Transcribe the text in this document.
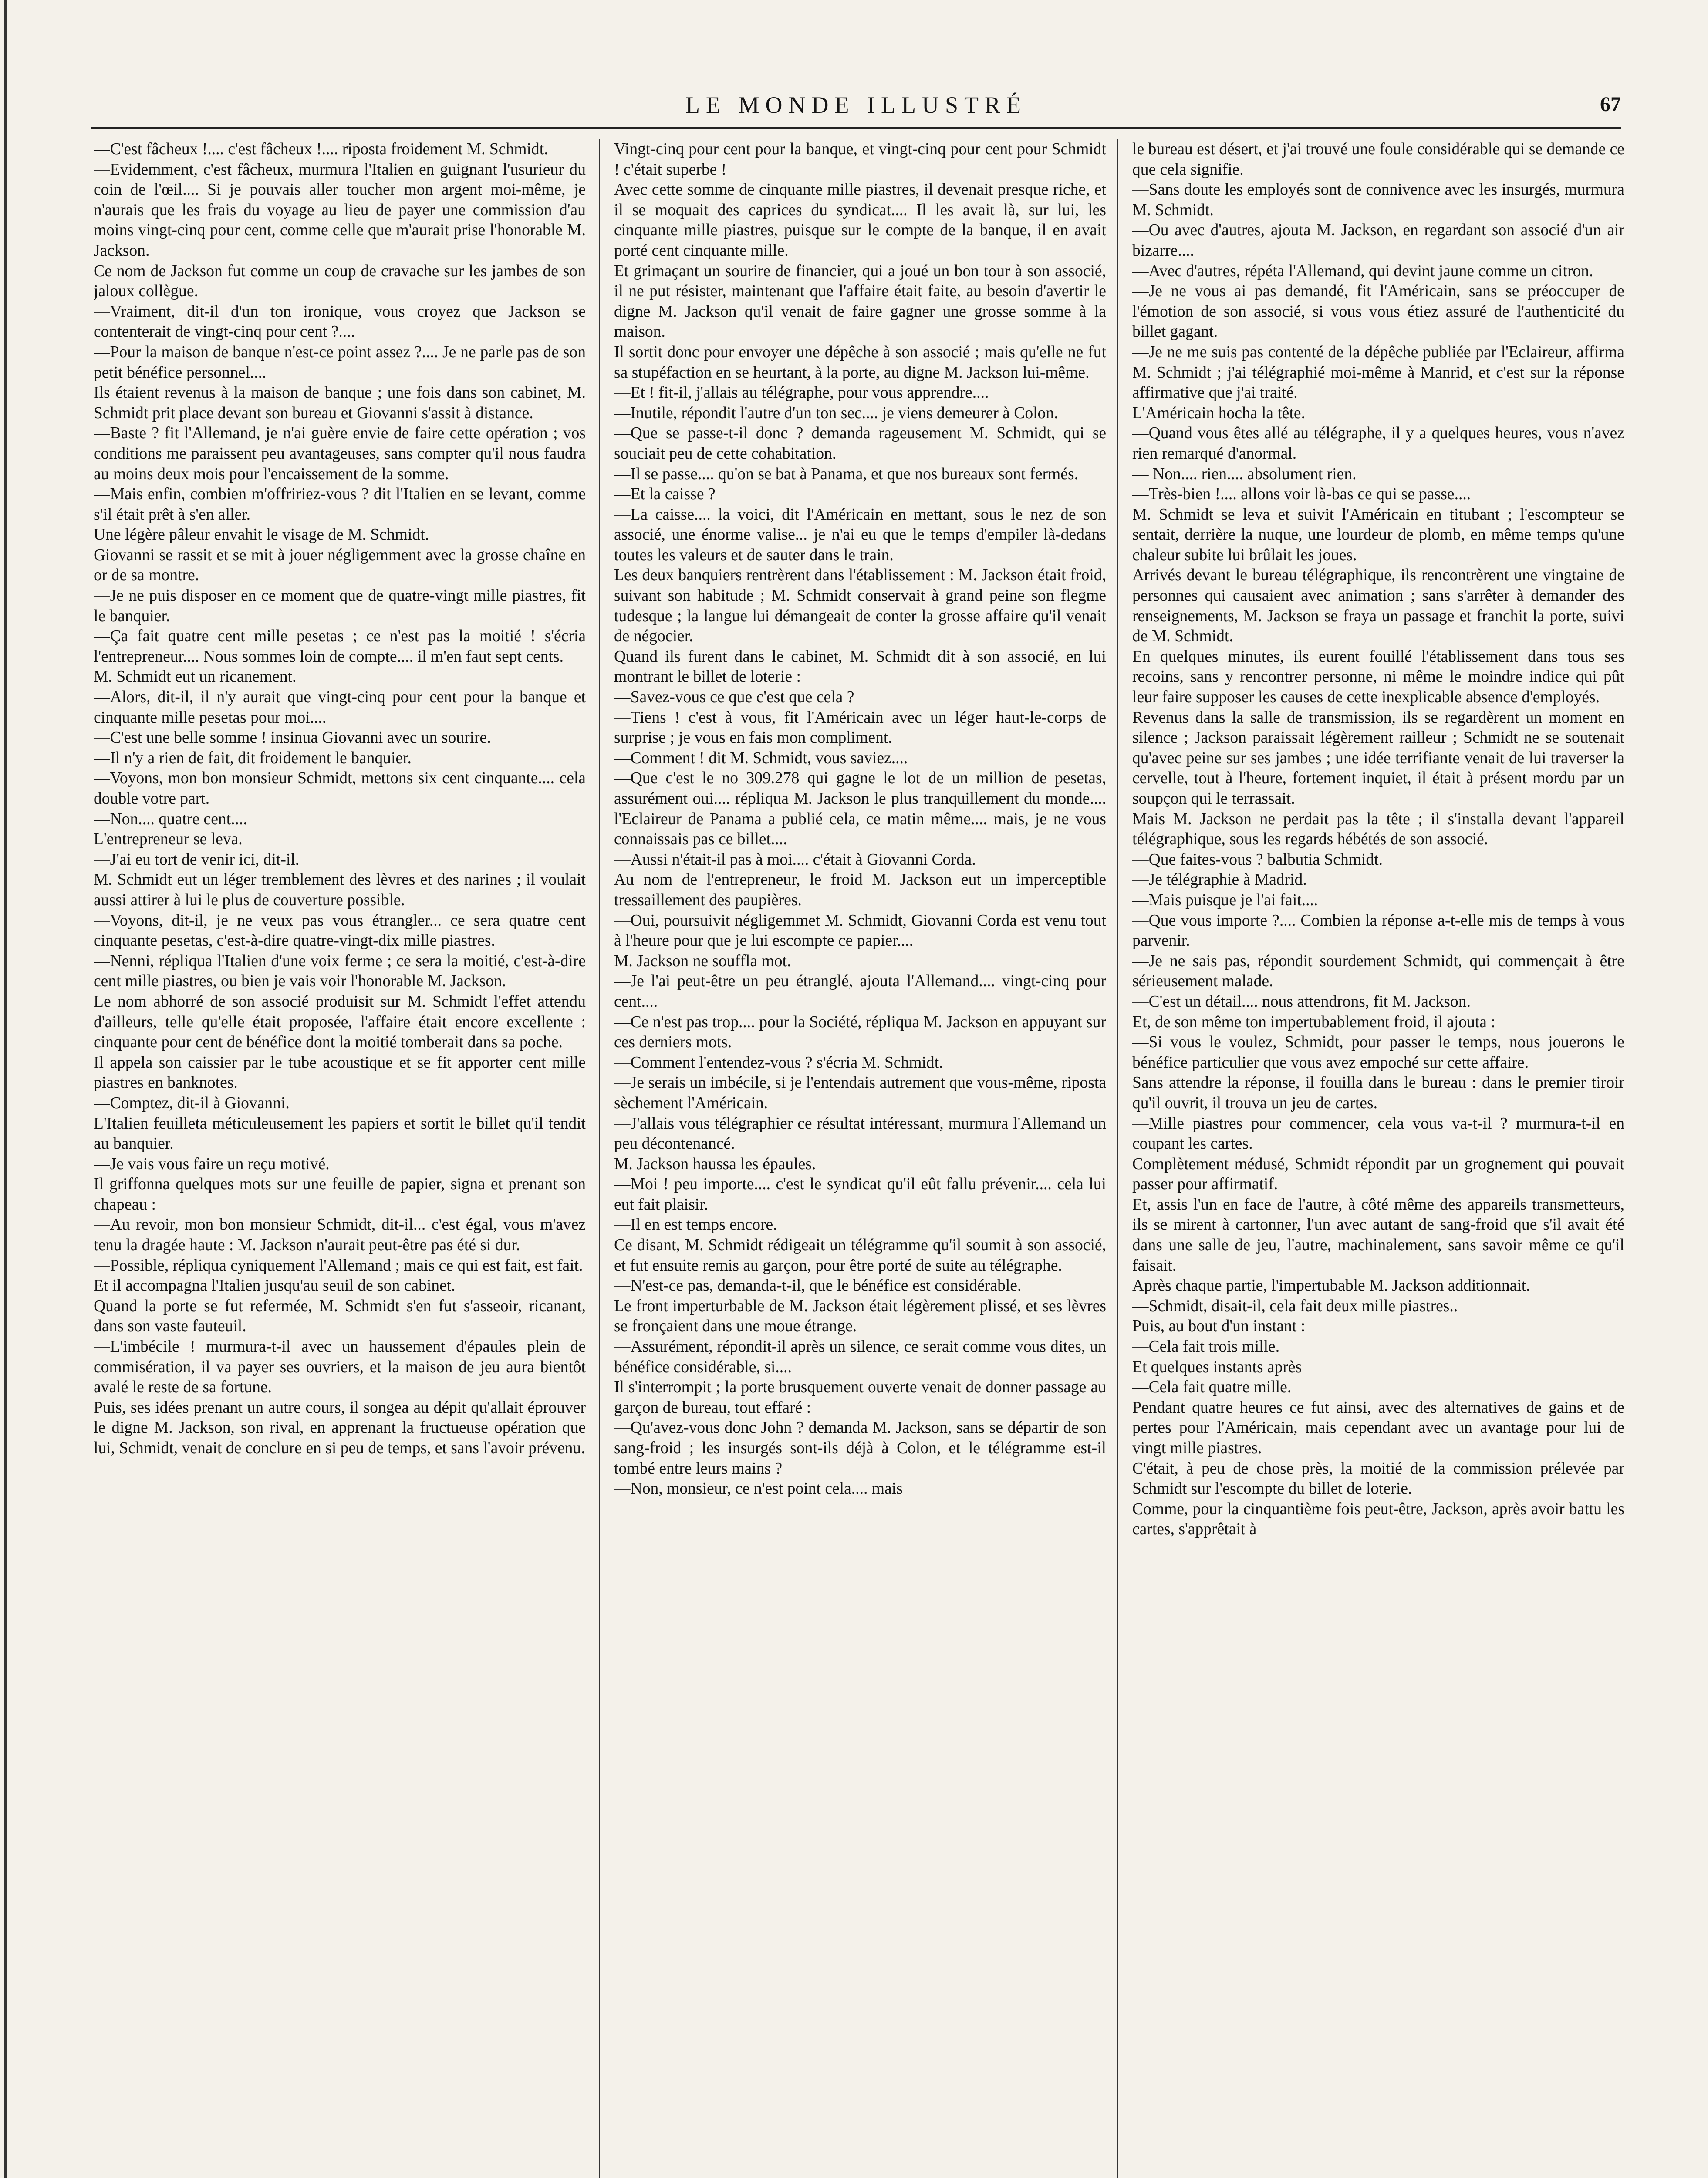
LE MONDE ILLUSTRÉ	67

—C'est fâcheux !.... c'est fâcheux !.... riposta froidement M. Schmidt.

—Evidemment, c'est fâcheux, murmura l'Italien en guignant l'usurieur du coin de l'œil.... Si je pouvais aller toucher mon argent moi-même, je n'aurais que les frais du voyage au lieu de payer une commission d'au moins vingt-cinq pour cent, comme celle que m'aurait prise l'honorable M. Jackson.

Ce nom de Jackson fut comme un coup de cravache sur les jambes de son jaloux collègue.

—Vraiment, dit-il d'un ton ironique, vous croyez que Jackson se contenterait de vingt-cinq pour cent ?....

—Pour la maison de banque n'est-ce point assez ?.... Je ne parle pas de son petit bénéfice personnel....

Ils étaient revenus à la maison de banque ; une fois dans son cabinet, M. Schmidt prit place devant son bureau et Giovanni s'assit à distance.

—Baste ? fit l'Allemand, je n'ai guère envie de faire cette opération ; vos conditions me paraissent peu avantageuses, sans compter qu'il nous faudra au moins deux mois pour l'encaissement de la somme.

—Mais enfin, combien m'offririez-vous ? dit l'Italien en se levant, comme s'il était prêt à s'en aller.

Une légère pâleur envahit le visage de M. Schmidt.

Giovanni se rassit et se mit à jouer négligemment avec la grosse chaîne en or de sa montre.

—Je ne puis disposer en ce moment que de quatre-vingt mille piastres, fit le banquier.

—Ça fait quatre cent mille pesetas ; ce n'est pas la moitié ! s'écria l'entrepreneur.... Nous sommes loin de compte.... il m'en faut sept cents.

M. Schmidt eut un ricanement.

—Alors, dit-il, il n'y aurait que vingt-cinq pour cent pour la banque et cinquante mille pesetas pour moi....

—C'est une belle somme ! insinua Giovanni avec un sourire.

—Il n'y a rien de fait, dit froidement le banquier.

—Voyons, mon bon monsieur Schmidt, mettons six cent cinquante.... cela double votre part.

—Non.... quatre cent....

L'entrepreneur se leva.

—J'ai eu tort de venir ici, dit-il.

M. Schmidt eut un léger tremblement des lèvres et des narines ; il voulait aussi attirer à lui le plus de couverture possible.

—Voyons, dit-il, je ne veux pas vous étrangler... ce sera quatre cent cinquante pesetas, c'est-à-dire quatre-vingt-dix mille piastres.

—Nenni, répliqua l'Italien d'une voix ferme ; ce sera la moitié, c'est-à-dire cent mille piastres, ou bien je vais voir l'honorable M. Jackson.

Le nom abhorré de son associé produisit sur M. Schmidt l'effet attendu d'ailleurs, telle qu'elle était proposée, l'affaire était encore excellente : cinquante pour cent de bénéfice dont la moitié tomberait dans sa poche.

Il appela son caissier par le tube acoustique et se fit apporter cent mille piastres en banknotes.

—Comptez, dit-il à Giovanni.

L'Italien feuilleta méticuleusement les papiers et sortit le billet qu'il tendit au banquier.

—Je vais vous faire un reçu motivé.

Il griffonna quelques mots sur une feuille de papier, signa et prenant son chapeau :

—Au revoir, mon bon monsieur Schmidt, dit-il... c'est égal, vous m'avez tenu la dragée haute : M. Jackson n'aurait peut-être pas été si dur.

—Possible, répliqua cyniquement l'Allemand ; mais ce qui est fait, est fait.

Et il accompagna l'Italien jusqu'au seuil de son cabinet.

Quand la porte se fut refermée, M. Schmidt s'en fut s'asseoir, ricanant, dans son vaste fauteuil.

—L'imbécile ! murmura-t-il avec un haussement d'épaules plein de commisération, il va payer ses ouvriers, et la maison de jeu aura bientôt avalé le reste de sa fortune.

Puis, ses idées prenant un autre cours, il songea au dépit qu'allait éprouver le digne M. Jackson, son rival, en apprenant la fructueuse opération que lui, Schmidt, venait de conclure en si peu de temps, et sans l'avoir prévenu.

Vingt-cinq pour cent pour la banque, et vingt-cinq pour cent pour Schmidt ! c'était superbe !

Avec cette somme de cinquante mille piastres, il devenait presque riche, et il se moquait des caprices du syndicat.... Il les avait là, sur lui, les cinquante mille piastres, puisque sur le compte de la banque, il en avait porté cent cinquante mille.

Et grimaçant un sourire de financier, qui a joué un bon tour à son associé, il ne put résister, maintenant que l'affaire était faite, au besoin d'avertir le digne M. Jackson qu'il venait de faire gagner une grosse somme à la maison.

Il sortit donc pour envoyer une dépêche à son associé ; mais qu'elle ne fut sa stupéfaction en se heurtant, à la porte, au digne M. Jackson lui-même.

—Et ! fit-il, j'allais au télégraphe, pour vous apprendre....

—Inutile, répondit l'autre d'un ton sec.... je viens demeurer à Colon.

—Que se passe-t-il donc ? demanda rageusement M. Schmidt, qui se souciait peu de cette cohabitation.

—Il se passe.... qu'on se bat à Panama, et que nos bureaux sont fermés.

—Et la caisse ?

—La caisse.... la voici, dit l'Américain en mettant, sous le nez de son associé, une énorme valise... je n'ai eu que le temps d'empiler là-dedans toutes les valeurs et de sauter dans le train.

Les deux banquiers rentrèrent dans l'établissement : M. Jackson était froid, suivant son habitude ; M. Schmidt conservait à grand peine son flegme tudesque ; la langue lui démangeait de conter la grosse affaire qu'il venait de négocier.

Quand ils furent dans le cabinet, M. Schmidt dit à son associé, en lui montrant le billet de loterie :

—Savez-vous ce que c'est que cela ?

—Tiens ! c'est à vous, fit l'Américain avec un léger haut-le-corps de surprise ; je vous en fais mon compliment.

—Comment ! dit M. Schmidt, vous saviez....

—Que c'est le no 309.278 qui gagne le lot de un million de pesetas, assurément oui.... répliqua M. Jackson le plus tranquillement du monde.... l'Eclaireur de Panama a publié cela, ce matin même.... mais, je ne vous connaissais pas ce billet....

—Aussi n'était-il pas à moi.... c'était à Giovanni Corda.

Au nom de l'entrepreneur, le froid M. Jackson eut un imperceptible tressaillement des paupières.

—Oui, poursuivit négligemmet M. Schmidt, Giovanni Corda est venu tout à l'heure pour que je lui escompte ce papier....

M. Jackson ne souffla mot.

—Je l'ai peut-être un peu étranglé, ajouta l'Allemand.... vingt-cinq pour cent....

—Ce n'est pas trop.... pour la Société, répliqua M. Jackson en appuyant sur ces derniers mots.

—Comment l'entendez-vous ? s'écria M. Schmidt.

—Je serais un imbécile, si je l'entendais autrement que vous-même, riposta sèchement l'Américain.

—J'allais vous télégraphier ce résultat intéressant, murmura l'Allemand un peu décontenancé.

M. Jackson haussa les épaules.

—Moi ! peu importe.... c'est le syndicat qu'il eût fallu prévenir.... cela lui eut fait plaisir.

—Il en est temps encore.

Ce disant, M. Schmidt rédigeait un télégramme qu'il soumit à son associé, et fut ensuite remis au garçon, pour être porté de suite au télégraphe.

—N'est-ce pas, demanda-t-il, que le bénéfice est considérable.

Le front imperturbable de M. Jackson était légèrement plissé, et ses lèvres se fronçaient dans une moue étrange.

—Assurément, répondit-il après un silence, ce serait comme vous dites, un bénéfice considérable, si....

Il s'interrompit ; la porte brusquement ouverte venait de donner passage au garçon de bureau, tout effaré :

—Qu'avez-vous donc John ? demanda M. Jackson, sans se départir de son sang-froid ; les insurgés sont-ils déjà à Colon, et le télégramme est-il tombé entre leurs mains ?

—Non, monsieur, ce n'est point cela.... mais

le bureau est désert, et j'ai trouvé une foule considérable qui se demande ce que cela signifie.

—Sans doute les employés sont de connivence avec les insurgés, murmura M. Schmidt.

—Ou avec d'autres, ajouta M. Jackson, en regardant son associé d'un air bizarre....

—Avec d'autres, répéta l'Allemand, qui devint jaune comme un citron.

—Je ne vous ai pas demandé, fit l'Américain, sans se préoccuper de l'émotion de son associé, si vous vous étiez assuré de l'authenticité du billet gagant.

—Je ne me suis pas contenté de la dépêche publiée par l'Eclaireur, affirma M. Schmidt ; j'ai télégraphié moi-même à Manrid, et c'est sur la réponse affirmative que j'ai traité.

L'Américain hocha la tête.

—Quand vous êtes allé au télégraphe, il y a quelques heures, vous n'avez rien remarqué d'anormal.

— Non.... rien.... absolument rien.

—Très-bien !.... allons voir là-bas ce qui se passe....

M. Schmidt se leva et suivit l'Américain en titubant ; l'escompteur se sentait, derrière la nuque, une lourdeur de plomb, en même temps qu'une chaleur subite lui brûlait les joues.

Arrivés devant le bureau télégraphique, ils rencontrèrent une vingtaine de personnes qui causaient avec animation ; sans s'arrêter à demander des renseignements, M. Jackson se fraya un passage et franchit la porte, suivi de M. Schmidt.

En quelques minutes, ils eurent fouillé l'établissement dans tous ses recoins, sans y rencontrer personne, ni même le moindre indice qui pût leur faire supposer les causes de cette inexplicable absence d'employés.

Revenus dans la salle de transmission, ils se regardèrent un moment en silence ; Jackson paraissait légèrement railleur ; Schmidt ne se soutenait qu'avec peine sur ses jambes ; une idée terrifiante venait de lui traverser la cervelle, tout à l'heure, fortement inquiet, il était à présent mordu par un soupçon qui le terrassait.

Mais M. Jackson ne perdait pas la tête ; il s'installa devant l'appareil télégraphique, sous les regards hébétés de son associé.

—Que faites-vous ? balbutia Schmidt.

—Je télégraphie à Madrid.

—Mais puisque je l'ai fait....

—Que vous importe ?.... Combien la réponse a-t-elle mis de temps à vous parvenir.

—Je ne sais pas, répondit sourdement Schmidt, qui commençait à être sérieusement malade.

—C'est un détail.... nous attendrons, fit M. Jackson.

Et, de son même ton impertubablement froid, il ajouta :

—Si vous le voulez, Schmidt, pour passer le temps, nous jouerons le bénéfice particulier que vous avez empoché sur cette affaire.

Sans attendre la réponse, il fouilla dans le bureau : dans le premier tiroir qu'il ouvrit, il trouva un jeu de cartes.

—Mille piastres pour commencer, cela vous va-t-il ? murmura-t-il en coupant les cartes.

Complètement médusé, Schmidt répondit par un grognement qui pouvait passer pour affirmatif.

Et, assis l'un en face de l'autre, à côté même des appareils transmetteurs, ils se mirent à cartonner, l'un avec autant de sang-froid que s'il avait été dans une salle de jeu, l'autre, machinalement, sans savoir même ce qu'il faisait.

Après chaque partie, l'impertubable M. Jackson additionnait.

—Schmidt, disait-il, cela fait deux mille piastres..

Puis, au bout d'un instant :

—Cela fait trois mille.

Et quelques instants après

—Cela fait quatre mille.

Pendant quatre heures ce fut ainsi, avec des alternatives de gains et de pertes pour l'Américain, mais cependant avec un avantage pour lui de vingt mille piastres.

C'était, à peu de chose près, la moitié de la commission prélevée par Schmidt sur l'escompte du billet de loterie.

Comme, pour la cinquantième fois peut-être, Jackson, après avoir battu les cartes, s'apprêtait à
